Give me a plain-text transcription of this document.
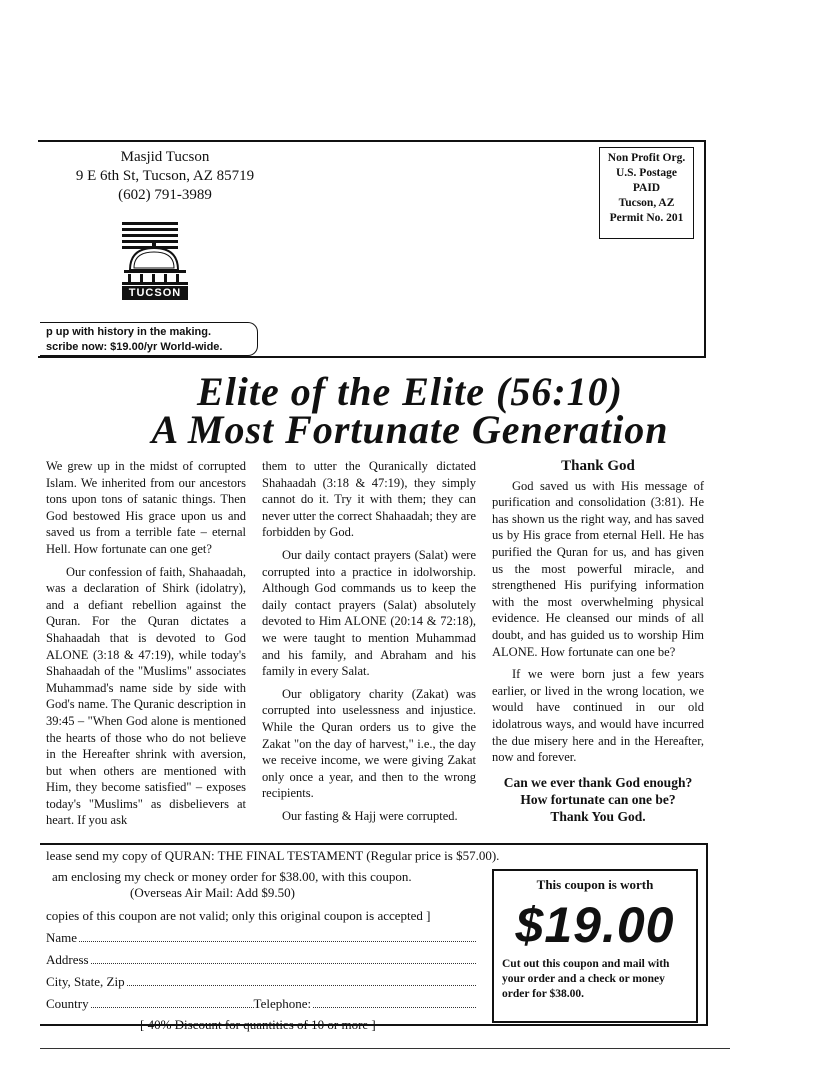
Masjid Tucson
9 E 6th St, Tucson, AZ 85719
(602) 791-3989
Non Profit Org.
U.S. Postage
PAID
Tucson, AZ
Permit No. 201
TUCSON
p up with history in the making.
scribe now: $19.00/yr World-wide.
Elite of the Elite (56:10)
A Most Fortunate Generation

We grew up in the midst of corrupted Islam. We inherited from our ancestors tons upon tons of satanic things. Then God bestowed His grace upon us and saved us from a terrible fate – eternal Hell. How fortunate can one get?

Our confession of faith, Shahaadah, was a declaration of Shirk (idolatry), and a defiant rebellion against the Quran. For the Quran dictates a Shahaadah that is devoted to God ALONE (3:18 & 47:19), while today's Shahaadah of the "Muslims" associates Muhammad's name side by side with God's name. The Quranic description in 39:45 – "When God alone is mentioned the hearts of those who do not believe in the Hereafter shrink with aversion, but when others are mentioned with Him, they become satisfied" – exposes today's "Muslims" as disbelievers at heart. If you ask

them to utter the Quranically dictated Shahaadah (3:18 & 47:19), they simply cannot do it. Try it with them; they can never utter the correct Shahaadah; they are forbidden by God.

Our daily contact prayers (Salat) were corrupted into a practice in idolworship. Although God commands us to keep the daily contact prayers (Salat) absolutely devoted to Him ALONE (20:14 & 72:18), we were taught to mention Muhammad and his family, and Abraham and his family in every Salat.

Our obligatory charity (Zakat) was corrupted into uselessness and injustice. While the Quran orders us to give the Zakat "on the day of harvest," i.e., the day we receive income, we were giving Zakat only once a year, and then to the wrong recipients.

Our fasting & Hajj were corrupted.

Thank God

God saved us with His message of purification and consolidation (3:81). He has shown us the right way, and has saved us by His grace from eternal Hell. He has purified the Quran for us, and has given us the most powerful miracle, and strengthened His purifying information with the most overwhelming physical evidence. He cleansed our minds of all doubt, and has guided us to worship Him ALONE. How fortunate can one be?

If we were born just a few years earlier, or lived in the wrong location, we would have continued in our old idolatrous ways, and would have incurred the due misery here and in the Hereafter, now and forever.

Can we ever thank God enough?
How fortunate can one be?
Thank You God.
lease send my copy of QURAN: THE FINAL TESTAMENT (Regular price is $57.00).
am enclosing my check or money order for $38.00, with this coupon.
(Overseas Air Mail: Add $9.50)
copies of this coupon are not valid; only this original coupon is accepted ]
Name
Address
City, State, Zip
Country	Telephone:
[ 40% Discount for quantities of 10 or more ]
This coupon is worth
$19.00
Cut out this coupon and mail with your order and a check or money order for $38.00.
